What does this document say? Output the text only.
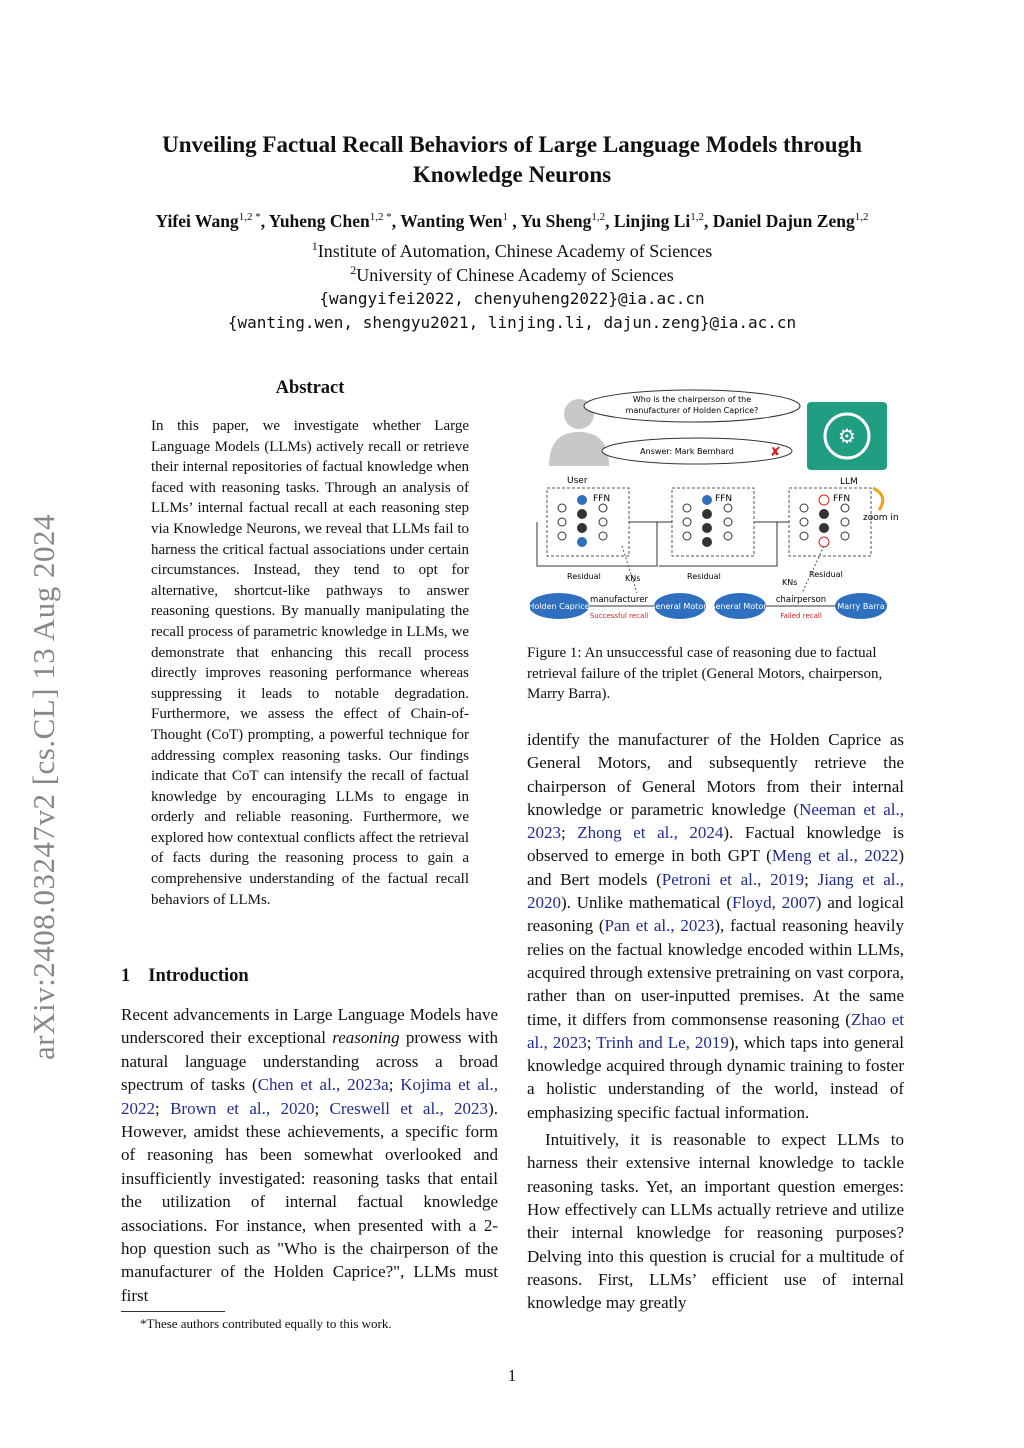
Unveiling Factual Recall Behaviors of Large Language Models through
Knowledge Neurons
Yifei Wang$^{1,2 *}$, Yuheng Chen$^{1,2 *}$, Wanting Wen$^1$ , Yu Sheng$^{1,2}$, Linjing Li$^{1,2}$, Daniel Dajun Zeng$^{1,2}$
$^1$Institute of Automation, Chinese Academy of Sciences
$^2$University of Chinese Academy of Sciences
{wangyifei2022, chenyuheng2022}@ia.ac.cn
{wanting.wen, shengyu2021, linjing.li, dajun.zeng}@ia.ac.cn
arXiv:2408.03247v2 [cs.CL] 13 Aug 2024
Abstract
In this paper, we investigate whether Large Language Models (LLMs) actively recall or retrieve their internal repositories of factual knowledge when faced with reasoning tasks. Through an analysis of LLMs’ internal factual recall at each reasoning step via Knowledge Neurons, we reveal that LLMs fail to harness the critical factual associations under certain circumstances. Instead, they tend to opt for alternative, shortcut-like pathways to answer reasoning questions. By manually manipulating the recall process of parametric knowledge in LLMs, we demonstrate that enhancing this recall process directly improves reasoning performance whereas suppressing it leads to notable degradation. Furthermore, we assess the effect of Chain-of-Thought (CoT) prompting, a powerful technique for addressing complex reasoning tasks. Our findings indicate that CoT can intensify the recall of factual knowledge by encouraging LLMs to engage in orderly and reliable reasoning. Furthermore, we explored how contextual conflicts affect the retrieval of facts during the reasoning process to gain a comprehensive understanding of the factual recall behaviors of LLMs.
1 Introduction
Recent advancements in Large Language Models have underscored their exceptional reasoning prowess with natural language understanding across a broad spectrum of tasks (Chen et al., 2023a; Kojima et al., 2022; Brown et al., 2020; Creswell et al., 2023). However, amidst these achievements, a specific form of reasoning has been somewhat overlooked and insufficiently investigated: reasoning tasks that entail the utilization of internal factual knowledge associations. For instance, when presented with a 2-hop question such as "Who is the chairperson of the manufacturer of the Holden Caprice?", LLMs must first
*These authors contributed equally to this work.
User
Who is the chairperson of the
manufacturer of Holden Caprice?
Answer: Mark Bernhard	✘
⚙
LLM
FFN	FFN	FFN
zoom in
Residual	Residual	Residual
KNs	KNs
Holden Caprice	General Motors
General Motors	Marry Barra
manufacturer	chairperson
Successful recall	Failed recall
Figure 1: An unsuccessful case of reasoning due to factual retrieval failure of the triplet (General Motors, chairperson, Marry Barra).
identify the manufacturer of the Holden Caprice as General Motors, and subsequently retrieve the chairperson of General Motors from their internal knowledge or parametric knowledge (Neeman et al., 2023; Zhong et al., 2024). Factual knowledge is observed to emerge in both GPT (Meng et al., 2022) and Bert models (Petroni et al., 2019; Jiang et al., 2020). Unlike mathematical (Floyd, 2007) and logical reasoning (Pan et al., 2023), factual reasoning heavily relies on the factual knowledge encoded within LLMs, acquired through extensive pretraining on vast corpora, rather than on user-inputted premises. At the same time, it differs from commonsense reasoning (Zhao et al., 2023; Trinh and Le, 2019), which taps into general knowledge acquired through dynamic training to foster a holistic understanding of the world, instead of emphasizing specific factual information.
Intuitively, it is reasonable to expect LLMs to harness their extensive internal knowledge to tackle reasoning tasks. Yet, an important question emerges: How effectively can LLMs actually retrieve and utilize their internal knowledge for reasoning purposes? Delving into this question is crucial for a multitude of reasons. First, LLMs’ efficient use of internal knowledge may greatly
1
